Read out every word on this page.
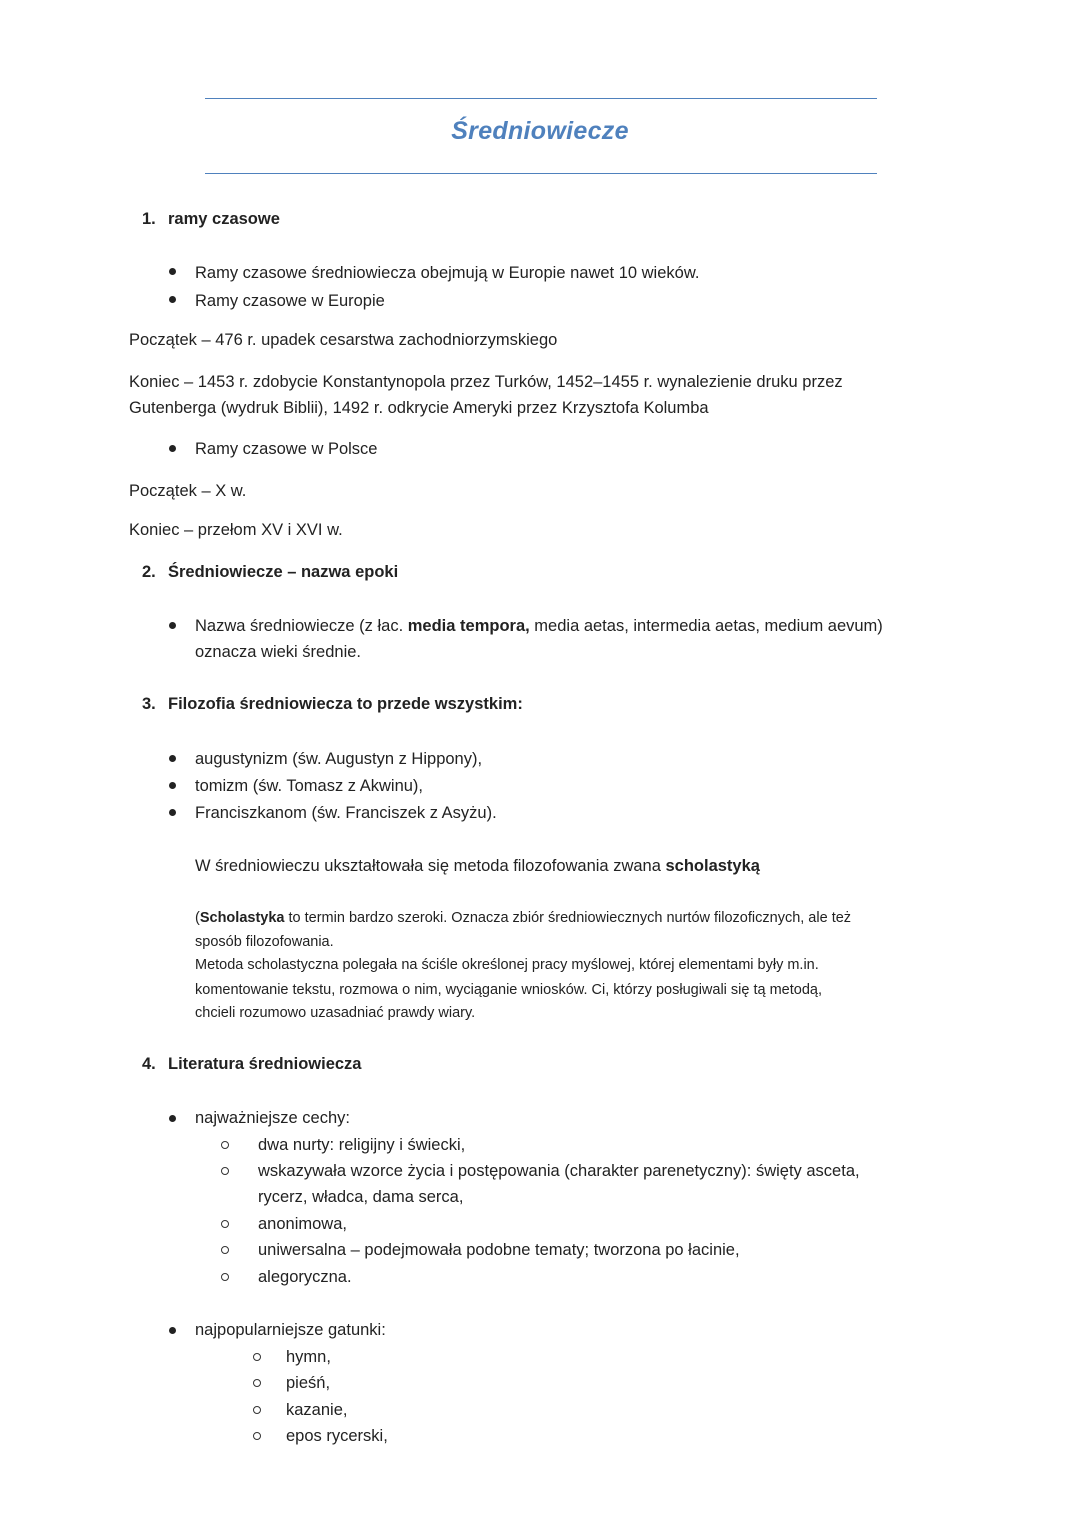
Średniowiecze
1. ramy czasowe
Ramy czasowe średniowiecza obejmują w Europie nawet 10 wieków.
Ramy czasowe w Europie
Początek – 476 r. upadek cesarstwa zachodniorzymskiego
Koniec – 1453 r. zdobycie Konstantynopola przez Turków, 1452–1455 r. wynalezienie druku przez
Gutenberga (wydruk Biblii), 1492 r. odkrycie Ameryki przez Krzysztofa Kolumba
Ramy czasowe w Polsce
Początek – X w.
Koniec – przełom XV i XVI w.
2. Średniowiecze – nazwa epoki
Nazwa średniowiecze (z łac. media tempora, media aetas, intermedia aetas, medium aevum)
oznacza wieki średnie.
3. Filozofia średniowiecza to przede wszystkim:
augustynizm (św. Augustyn z Hippony),
tomizm (św. Tomasz z Akwinu),
Franciszkanom (św. Franciszek z Asyżu).
W średniowieczu ukształtowała się metoda filozofowania zwana scholastyką
(Scholastyka to termin bardzo szeroki. Oznacza zbiór średniowiecznych nurtów filozoficznych, ale też
sposób filozofowania.
Metoda scholastyczna polegała na ściśle określonej pracy myślowej, której elementami były m.in.
komentowanie tekstu, rozmowa o nim, wyciąganie wniosków. Ci, którzy posługiwali się tą metodą,
chcieli rozumowo uzasadniać prawdy wiary.
4. Literatura średniowiecza
najważniejsze cechy:
dwa nurty: religijny i świecki,
wskazywała wzorce życia i postępowania (charakter parenetyczny): święty asceta,
rycerz, władca, dama serca,
anonimowa,
uniwersalna – podejmowała podobne tematy; tworzona po łacinie,
alegoryczna.
najpopularniejsze gatunki:
hymn,
pieśń,
kazanie,
epos rycerski,
